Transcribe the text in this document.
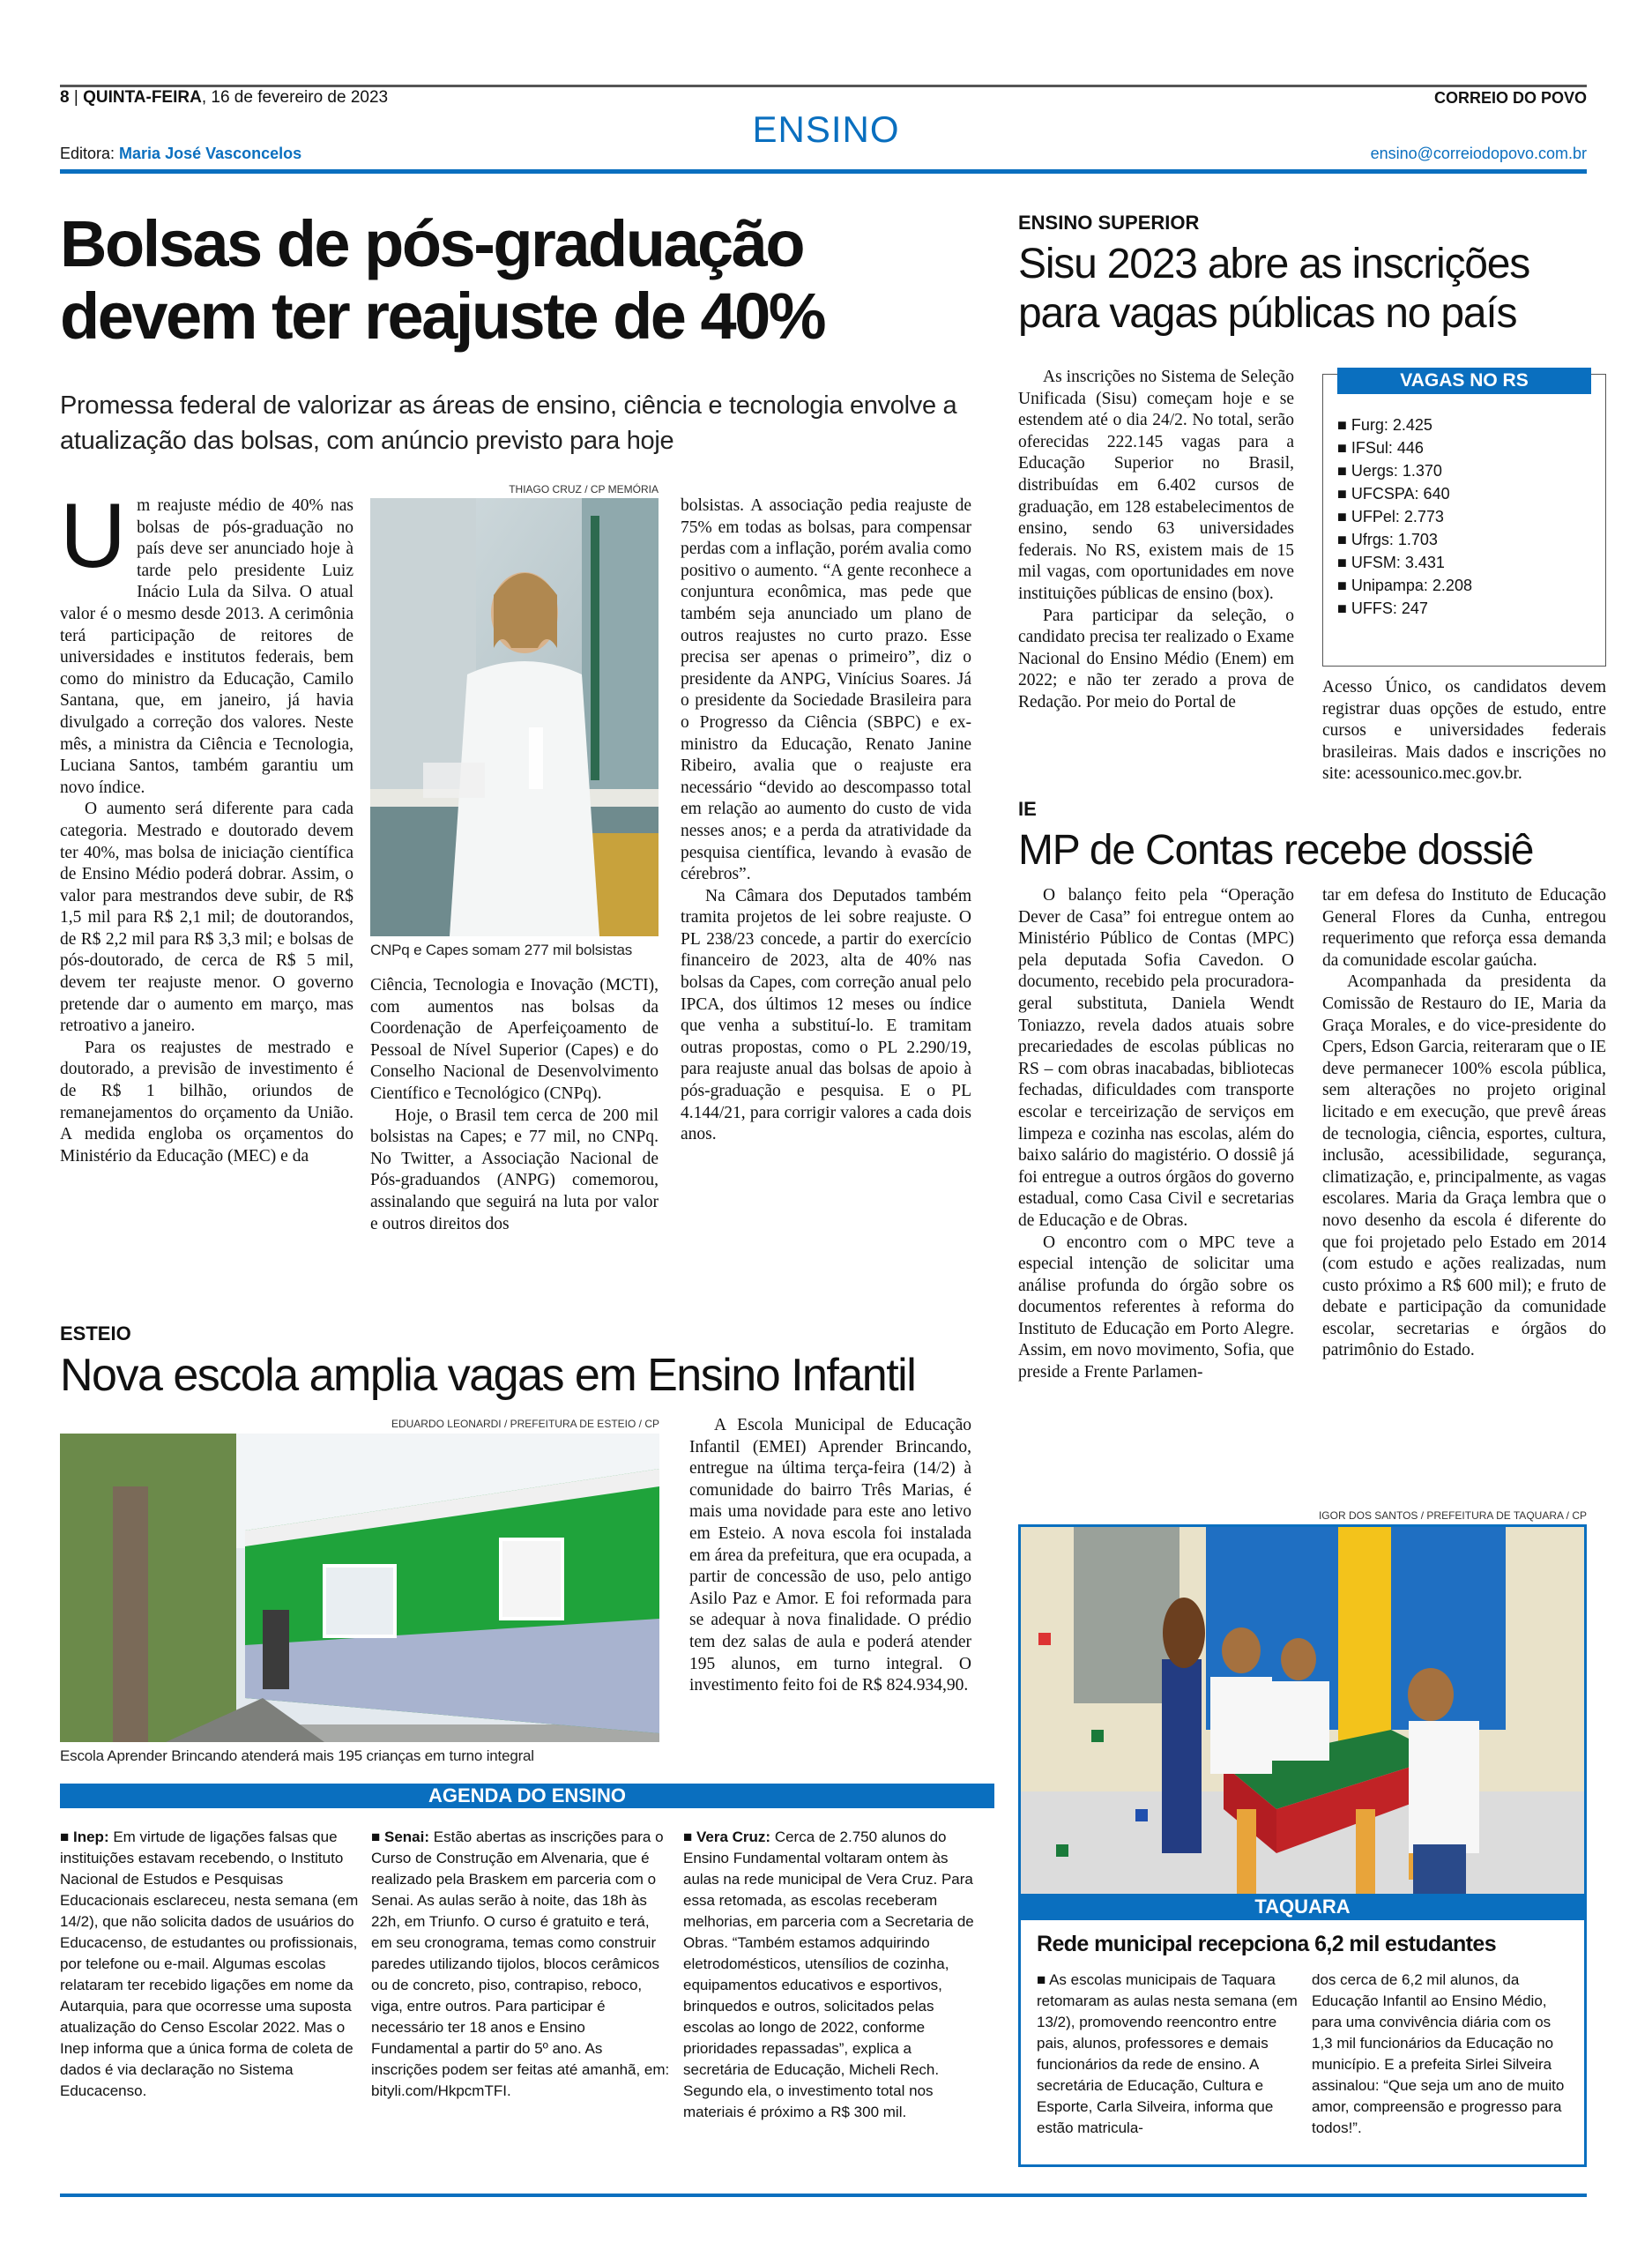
8 | QUINTA-FEIRA, 16 de fevereiro de 2023	CORREIO DO POVO
ENSINO
Editora: Maria José Vasconcelos	ensino@correiodopovo.com.br
Bolsas de pós-graduação devem ter reajuste de 40%
Promessa federal de valorizar as áreas de ensino, ciência e tecnologia envolve a atualização das bolsas, com anúncio previsto para hoje

Um reajuste médio de 40% nas bolsas de pós-graduação no país deve ser anunciado hoje à tarde pelo presidente Luiz Inácio Lula da Silva. O atual valor é o mesmo desde 2013. A cerimônia terá participação de reitores de universidades e institutos federais, bem como do ministro da Educação, Camilo Santana, que, em janeiro, já havia divulgado a correção dos valores. Neste mês, a ministra da Ciência e Tecnologia, Luciana Santos, também garantiu um novo índice.

O aumento será diferente para cada categoria. Mestrado e doutorado devem ter 40%, mas bolsa de iniciação científica de Ensino Médio poderá dobrar. Assim, o valor para mestrandos deve subir, de R$ 1,5 mil para R$ 2,1 mil; de doutorandos, de R$ 2,2 mil para R$ 3,3 mil; e bolsas de pós-doutorado, de cerca de R$ 5 mil, devem ter reajuste menor. O governo pretende dar o aumento em março, mas retroativo a janeiro.

Para os reajustes de mestrado e doutorado, a previsão de investimento é de R$ 1 bilhão, oriundos de remanejamentos do orçamento da União. A medida engloba os orçamentos do Ministério da Educação (MEC) e da

THIAGO CRUZ / CP MEMÓRIA
CNPq e Capes somam 277 mil bolsistas

Ciência, Tecnologia e Inovação (MCTI), com aumentos nas bolsas da Coordenação de Aperfeiçoamento de Pessoal de Nível Superior (Capes) e do Conselho Nacional de Desenvolvimento Científico e Tecnológico (CNPq).

Hoje, o Brasil tem cerca de 200 mil bolsistas na Capes; e 77 mil, no CNPq. No Twitter, a Associação Nacional de Pós-graduandos (ANPG) comemorou, assinalando que seguirá na luta por valor e outros direitos dos

bolsistas. A associação pedia reajuste de 75% em todas as bolsas, para compensar perdas com a inflação, porém avalia como positivo o aumento. “A gente reconhece a conjuntura econômica, mas pede que também seja anunciado um plano de outros reajustes no curto prazo. Esse precisa ser apenas o primeiro”, diz o presidente da ANPG, Vinícius Soares. Já o presidente da Sociedade Brasileira para o Progresso da Ciência (SBPC) e ex-ministro da Educação, Renato Janine Ribeiro, avalia que o reajuste era necessário “devido ao descompasso total em relação ao aumento do custo de vida nesses anos; e a perda da atratividade da pesquisa científica, levando à evasão de cérebros”.

Na Câmara dos Deputados também tramita projetos de lei sobre reajuste. O PL 238/23 concede, a partir do exercício financeiro de 2023, alta de 40% nas bolsas da Capes, com correção anual pelo IPCA, dos últimos 12 meses ou índice que venha a substituí-lo. E tramitam outras propostas, como o PL 2.290/19, para reajuste anual das bolsas de apoio à pós-graduação e pesquisa. E o PL 4.144/21, para corrigir valores a cada dois anos.

ENSINO SUPERIOR
Sisu 2023 abre as inscrições para vagas públicas no país

As inscrições no Sistema de Seleção Unificada (Sisu) começam hoje e se estendem até o dia 24/2. No total, serão oferecidas 222.145 vagas para a Educação Superior no Brasil, distribuídas em 6.402 cursos de graduação, em 128 estabelecimentos de ensino, sendo 63 universidades federais. No RS, existem mais de 15 mil vagas, com oportunidades em nove instituições públicas de ensino (box).

Para participar da seleção, o candidato precisa ter realizado o Exame Nacional do Ensino Médio (Enem) em 2022; e não ter zerado a prova de Redação. Por meio do Portal de

VAGAS NO RS
■ Furg: 2.425
■ IFSul: 446
■ Uergs: 1.370
■ UFCSPA: 640
■ UFPel: 2.773
■ Ufrgs: 1.703
■ UFSM: 3.431
■ Unipampa: 2.208
■ UFFS: 247

Acesso Único, os candidatos devem registrar duas opções de estudo, entre cursos e universidades federais brasileiras. Mais dados e inscrições no site: acessounico.mec.gov.br.

IE
MP de Contas recebe dossiê

O balanço feito pela “Operação Dever de Casa” foi entregue ontem ao Ministério Público de Contas (MPC) pela deputada Sofia Cavedon. O documento, recebido pela procuradora-geral substituta, Daniela Wendt Toniazzo, revela dados atuais sobre precariedades de escolas públicas no RS – com obras inacabadas, bibliotecas fechadas, dificuldades com transporte escolar e terceirização de serviços em limpeza e cozinha nas escolas, além do baixo salário do magistério. O dossiê já foi entregue a outros órgãos do governo estadual, como Casa Civil e secretarias de Educação e de Obras.

O encontro com o MPC teve a especial intenção de solicitar uma análise profunda do órgão sobre os documentos referentes à reforma do Instituto de Educação em Porto Alegre. Assim, em novo movimento, Sofia, que preside a Frente Parlamen-

tar em defesa do Instituto de Educação General Flores da Cunha, entregou requerimento que reforça essa demanda da comunidade escolar gaúcha.

Acompanhada da presidenta da Comissão de Restauro do IE, Maria da Graça Morales, e do vice-presidente do Cpers, Edson Garcia, reiteraram que o IE deve permanecer 100% escola pública, sem alterações no projeto original licitado e em execução, que prevê áreas de tecnologia, ciência, esportes, cultura, inclusão, acessibilidade, segurança, climatização, e, principalmente, as vagas escolares. Maria da Graça lembra que o novo desenho da escola é diferente do que foi projetado pelo Estado em 2014 (com estudo e ações realizadas, num custo próximo a R$ 600 mil); e fruto de debate e participação da comunidade escolar, secretarias e órgãos do patrimônio do Estado.

ESTEIO
Nova escola amplia vagas em Ensino Infantil
EDUARDO LEONARDI / PREFEITURA DE ESTEIO / CP
Escola Aprender Brincando atenderá mais 195 crianças em turno integral

A Escola Municipal de Educação Infantil (EMEI) Aprender Brincando, entregue na última terça-feira (14/2) à comunidade do bairro Três Marias, é mais uma novidade para este ano letivo em Esteio. A nova escola foi instalada em área da prefeitura, que era ocupada, a partir de concessão de uso, pelo antigo Asilo Paz e Amor. E foi reformada para se adequar à nova finalidade. O prédio tem dez salas de aula e poderá atender 195 alunos, em turno integral. O investimento feito foi de R$ 824.934,90.

AGENDA DO ENSINO
■ Inep: Em virtude de ligações falsas que instituições estavam recebendo, o Instituto Nacional de Estudos e Pesquisas Educacionais esclareceu, nesta semana (em 14/2), que não solicita dados de usuários do Educacenso, de estudantes ou profissionais, por telefone ou e-mail. Algumas escolas relataram ter recebido ligações em nome da Autarquia, para que ocorresse uma suposta atualização do Censo Escolar 2022. Mas o Inep informa que a única forma de coleta de dados é via declaração no Sistema Educacenso.
■ Senai: Estão abertas as inscrições para o Curso de Construção em Alvenaria, que é realizado pela Braskem em parceria com o Senai. As aulas serão à noite, das 18h às 22h, em Triunfo. O curso é gratuito e terá, em seu cronograma, temas como construir paredes utilizando tijolos, blocos cerâmicos ou de concreto, piso, contrapiso, reboco, viga, entre outros. Para participar é necessário ter 18 anos e Ensino Fundamental a partir do 5º ano. As inscrições podem ser feitas até amanhã, em: bityli.com/HkpcmTFI.
■ Vera Cruz: Cerca de 2.750 alunos do Ensino Fundamental voltaram ontem às aulas na rede municipal de Vera Cruz. Para essa retomada, as escolas receberam melhorias, em parceria com a Secretaria de Obras. “Também estamos adquirindo eletrodomésticos, utensílios de cozinha, equipamentos educativos e esportivos, brinquedos e outros, solicitados pelas escolas ao longo de 2022, conforme prioridades repassadas”, explica a secretária de Educação, Micheli Rech. Segundo ela, o investimento total nos materiais é próximo a R$ 300 mil.
IGOR DOS SANTOS / PREFEITURA DE TAQUARA / CP
TAQUARA
Rede municipal recepciona 6,2 mil estudantes
■ As escolas municipais de Taquara retomaram as aulas nesta semana (em 13/2), promovendo reencontro entre pais, alunos, professores e demais funcionários da rede de ensino. A secretária de Educação, Cultura e Esporte, Carla Silveira, informa que estão matricula-
dos cerca de 6,2 mil alunos, da Educação Infantil ao Ensino Médio, para uma convivência diária com os 1,3 mil funcionários da Educação no município. E a prefeita Sirlei Silveira assinalou: “Que seja um ano de muito amor, compreensão e progresso para todos!”.
